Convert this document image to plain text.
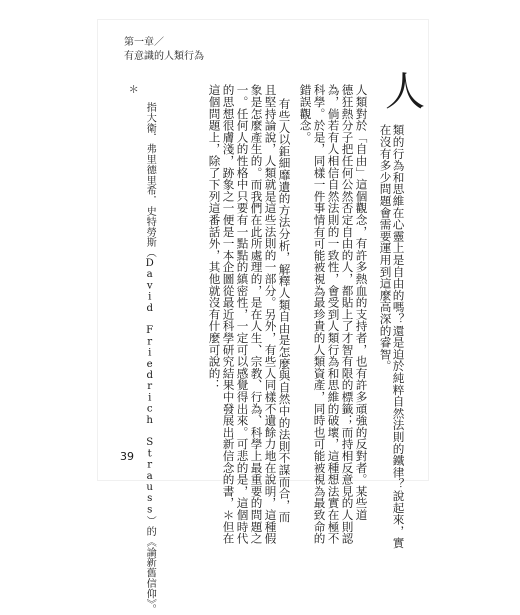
第一章／
有意識的人類行為
人
類的行為和思維在心靈上是自由的嗎？還是迫於純粹自然法則的鐵律？說起來，實
在沒有多少問題會需要運用到這麼高深的睿智。
人類對於「自由」這個觀念，有許多熱血的支持者，也有許多頑強的反對者。某些道
德狂熱分子把任何公然否定自由的人，都貼上了才智有限的標籤；而持相反意見的人則認
為，倘若有人相信自然法則的一致性，會受到人類行為和思維的破壞，這種想法實在極不
科學。於是，同樣一件事情有可能被視為最珍貴的人類資產，同時也可能被視為最致命的
錯誤觀念。
有些人以鉅細靡遺的方法分析，解釋人類自由是怎麼與自然中的法則不謀而合，而
且堅持論說，人類就是這些法則的一部分。另外，有些人同樣不遺餘力地在說明，這種假
象是怎麼產生的。而我們在此所處理的，是在人生、宗教、行為、科學上最重要的問題之
一。任何人的性格中只要有一點點的縝密性，一定可以感覺得出來。可悲的是，這個時代
的思想很膚淺，跡象之一便是一本企圖從最近科學研究結果中發展出新信念的書，＊但在
這個問題上，除了下列這番話外，其他就沒有什麼可說的：
＊
指大衛．弗里德里希．史特勞斯（David Friedrich Strauss）的《論新舊信仰》。
39
